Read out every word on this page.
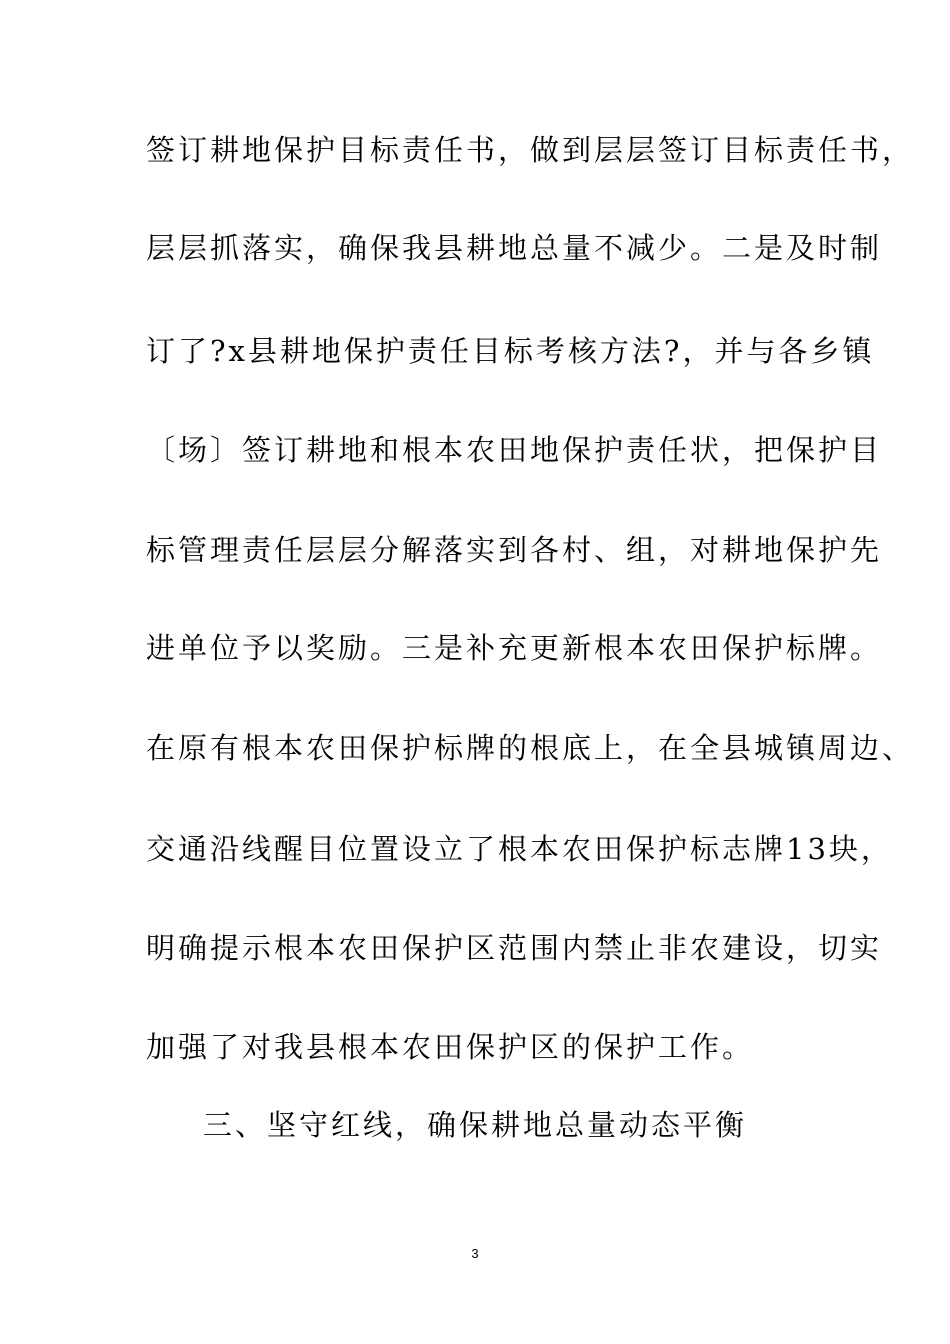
签订耕地保护目标责任书，做到层层签订目标责任书，
层层抓落实，确保我县耕地总量不减少。二是及时制
订了?x县耕地保护责任目标考核方法?，并与各乡镇
〔场〕签订耕地和根本农田地保护责任状，把保护目
标管理责任层层分解落实到各村、组，对耕地保护先
进单位予以奖励。三是补充更新根本农田保护标牌。
在原有根本农田保护标牌的根底上，在全县城镇周边、
交通沿线醒目位置设立了根本农田保护标志牌13块，
明确提示根本农田保护区范围内禁止非农建设，切实
加强了对我县根本农田保护区的保护工作。
三、坚守红线，确保耕地总量动态平衡
3
